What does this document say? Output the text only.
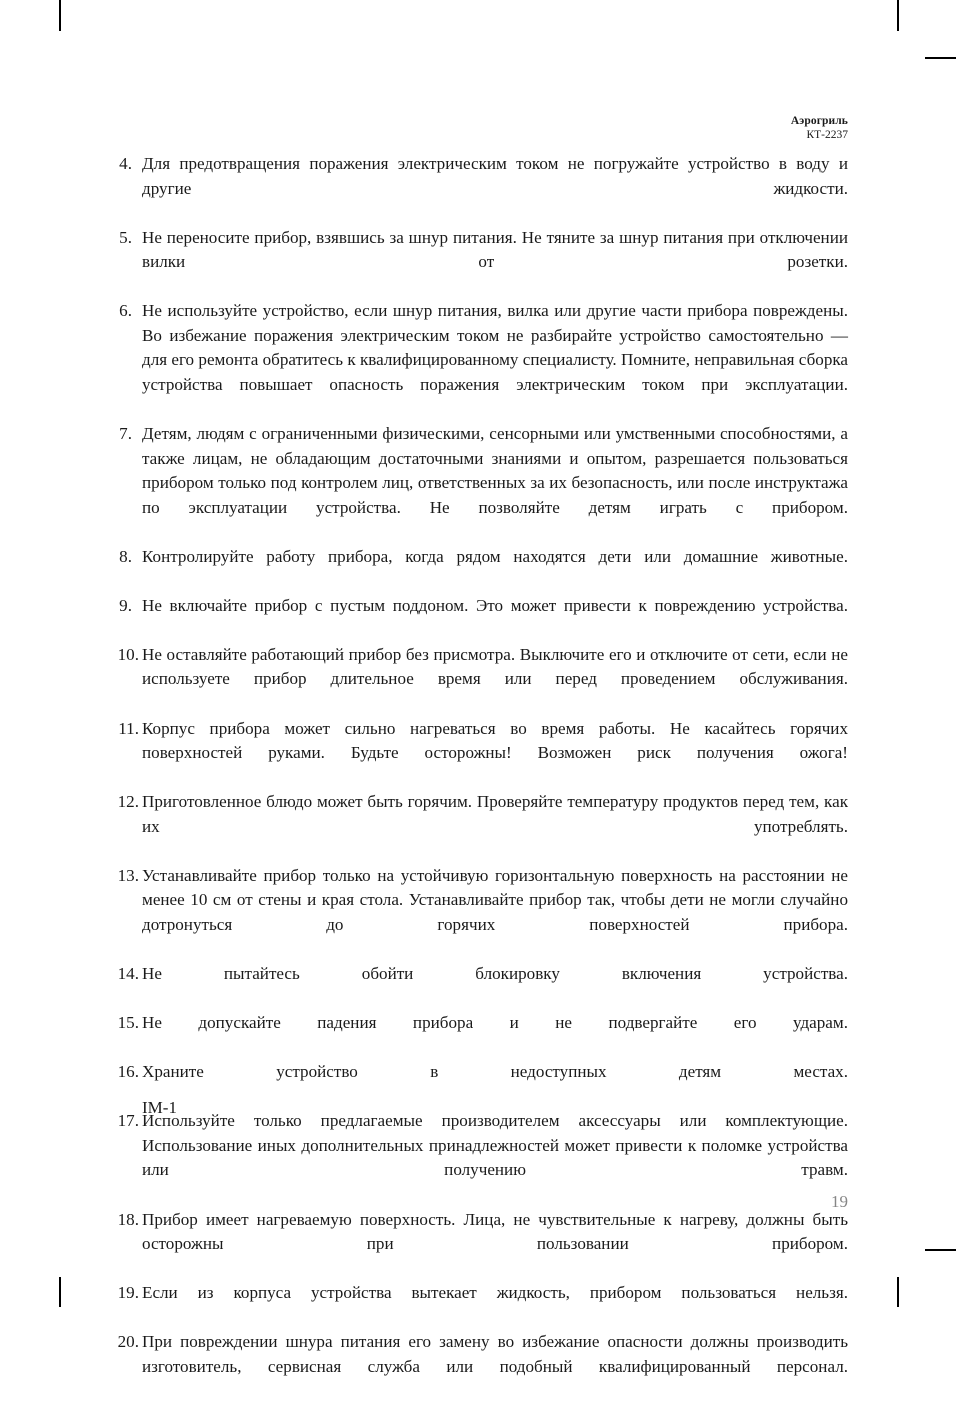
Аэрогриль
КТ-2237

4. Для предотвращения поражения электрическим током не погружайте устройство в воду и другие жидкости.

5. Не переносите прибор, взявшись за шнур питания. Не тяните за шнур питания при отключении вилки от розетки.

6. Не используйте устройство, если шнур питания, вилка или другие части прибора повреждены. Во избежание поражения электрическим током не разбирайте устройство самостоятельно — для его ремонта обратитесь к квалифицированному специалисту. Помните, неправильная сборка устройства повышает опасность поражения электрическим током при эксплуатации.

7. Детям, людям с ограниченными физическими, сенсорными или умственными способностями, а также лицам, не обладающим достаточными знаниями и опытом, разрешается пользоваться прибором только под контролем лиц, ответственных за их безопасность, или после инструктажа по эксплуатации устройства. Не позволяйте детям играть с прибором.

8. Контролируйте работу прибора, когда рядом находятся дети или домашние животные.

9. Не включайте прибор с пустым поддоном. Это может привести к повреждению устройства.

10. Не оставляйте работающий прибор без присмотра. Выключите его и отключите от сети, если не используете прибор длительное время или перед проведением обслуживания.

11. Корпус прибора может сильно нагреваться во время работы. Не касайтесь горячих поверхностей руками. Будьте осторожны! Возможен риск получения ожога!

12. Приготовленное блюдо может быть горячим. Проверяйте температуру продуктов перед тем, как их употреблять.

13. Устанавливайте прибор только на устойчивую горизонтальную поверхность на расстоянии не менее 10 см от стены и края стола. Устанавливайте прибор так, чтобы дети не могли случайно дотронуться до горячих поверхностей прибора.

14. Не пытайтесь обойти блокировку включения устройства.

15. Не допускайте падения прибора и не подвергайте его ударам.

16. Храните устройство в недоступных детям местах.

17. Используйте только предлагаемые производителем аксессуары или комплектующие. Использование иных дополнительных принадлежностей может привести к поломке устройства или получению травм.

18. Прибор имеет нагреваемую поверхность. Лица, не чувствительные к нагреву, должны быть осторожны при пользовании прибором.

19. Если из корпуса устройства вытекает жидкость, прибором пользоваться нельзя.

20. При повреждении шнура питания его замену во избежание опасности должны производить изготовитель, сервисная служба или подобный квалифицированный персонал.

IM-1
19
